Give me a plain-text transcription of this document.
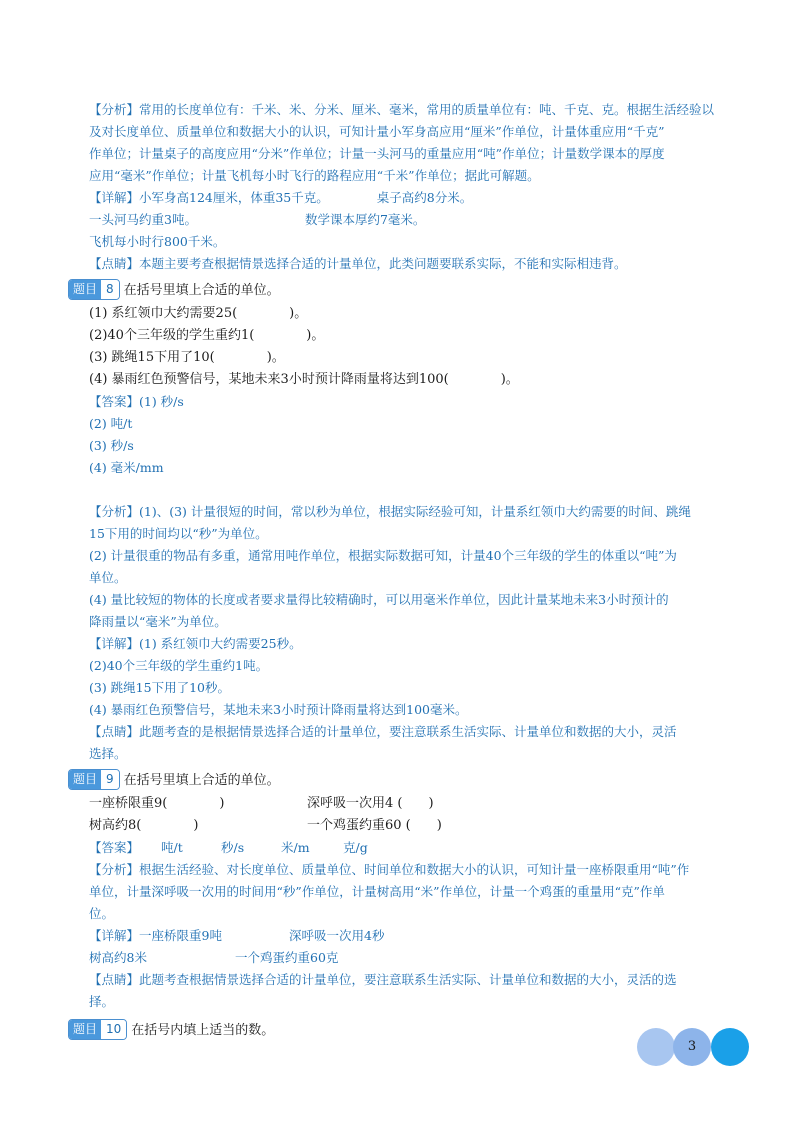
【分析】常用的长度单位有：千米、米、分米、厘米、毫米，常用的质量单位有：吨、千克、克。根据生活经验以
及对长度单位、质量单位和数据大小的认识，可知计量小军身高应用“厘米”作单位，计量体重应用“千克”
作单位；计量桌子的高度应用“分米”作单位；计量一头河马的重量应用“吨”作单位；计量数学课本的厚度
应用“毫米”作单位；计量飞机每小时飞行的路程应用“千米”作单位；据此可解题。
【详解】小军身高124厘米，体重35千克。	桌子高约8分米。
一头河马约重3吨。	数学课本厚约7毫米。
飞机每小时行800千米。
【点睛】本题主要考查根据情景选择合适的计量单位，此类问题要联系实际，不能和实际相违背。
题目 8 在括号里填上合适的单位。
(1) 系红领巾大约需要25(　　　　)。
(2)40个三年级的学生重约1(　　　　)。
(3) 跳绳15下用了10(　　　　)。
(4) 暴雨红色预警信号，某地未来3小时预计降雨量将达到100(　　　　)。
【答案】(1) 秒/s
(2) 吨/t
(3) 秒/s
(4) 毫米/mm
【分析】(1)、(3) 计量很短的时间，常以秒为单位，根据实际经验可知，计量系红领巾大约需要的时间、跳绳
15下用的时间均以“秒”为单位。
(2) 计量很重的物品有多重，通常用吨作单位，根据实际数据可知，计量40个三年级的学生的体重以“吨”为
单位。
(4) 量比较短的物体的长度或者要求量得比较精确时，可以用毫米作单位，因此计量某地未来3小时预计的
降雨量以“毫米”为单位。
【详解】(1) 系红领巾大约需要25秒。
(2)40个三年级的学生重约1吨。
(3) 跳绳15下用了10秒。
(4) 暴雨红色预警信号，某地未来3小时预计降雨量将达到100毫米。
【点睛】此题考查的是根据情景选择合适的计量单位，要注意联系生活实际、计量单位和数据的大小，灵活
选择。
题目 9 在括号里填上合适的单位。
一座桥限重9(　　　　)	深呼吸一次用4 (　　)
树高约8(　　　　)	一个鸡蛋约重60 (　　)
【答案】 吨/t	秒/s	米/m	克/g
【分析】根据生活经验、对长度单位、质量单位、时间单位和数据大小的认识，可知计量一座桥限重用“吨”作
单位，计量深呼吸一次用的时间用“秒”作单位，计量树高用“米”作单位，计量一个鸡蛋的重量用“克”作单
位。
【详解】一座桥限重9吨	深呼吸一次用4秒
树高约8米	一个鸡蛋约重60克
【点睛】此题考查根据情景选择合适的计量单位，要注意联系生活实际、计量单位和数据的大小，灵活的选
择。
题目 10 在括号内填上适当的数。
3
